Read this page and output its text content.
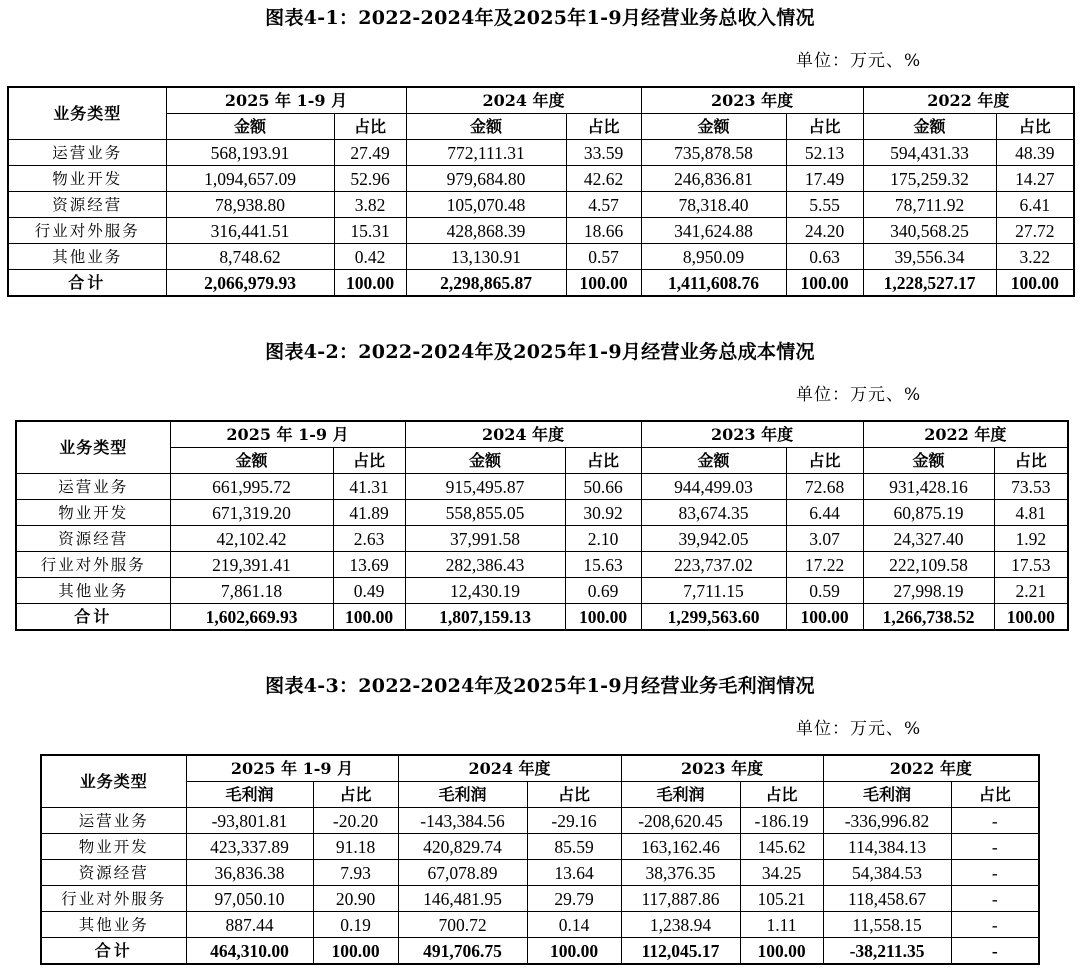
图表4-1：2022-2024年及2025年1-9月经营业务总收入情况
单位：万元、%
业务类型	2025 年 1-9 月		2024 年度		2023 年度		2022 年度	
	金额	占比	金额	占比	金额	占比	金额	占比
运营业务	568,193.91	27.49	772,111.31	33.59	735,878.58	52.13	594,431.33	48.39
物业开发	1,094,657.09	52.96	979,684.80	42.62	246,836.81	17.49	175,259.32	14.27
资源经营	78,938.80	3.82	105,070.48	4.57	78,318.40	5.55	78,711.92	6.41
行业对外服务	316,441.51	15.31	428,868.39	18.66	341,624.88	24.20	340,568.25	27.72
其他业务	8,748.62	0.42	13,130.91	0.57	8,950.09	0.63	39,556.34	3.22
合计	2,066,979.93	100.00	2,298,865.87	100.00	1,411,608.76	100.00	1,228,527.17	100.00
图表4-2：2022-2024年及2025年1-9月经营业务总成本情况
单位：万元、%
业务类型	2025 年 1-9 月		2024 年度		2023 年度		2022 年度	
	金额	占比	金额	占比	金额	占比	金额	占比
运营业务	661,995.72	41.31	915,495.87	50.66	944,499.03	72.68	931,428.16	73.53
物业开发	671,319.20	41.89	558,855.05	30.92	83,674.35	6.44	60,875.19	4.81
资源经营	42,102.42	2.63	37,991.58	2.10	39,942.05	3.07	24,327.40	1.92
行业对外服务	219,391.41	13.69	282,386.43	15.63	223,737.02	17.22	222,109.58	17.53
其他业务	7,861.18	0.49	12,430.19	0.69	7,711.15	0.59	27,998.19	2.21
合计	1,602,669.93	100.00	1,807,159.13	100.00	1,299,563.60	100.00	1,266,738.52	100.00
图表4-3：2022-2024年及2025年1-9月经营业务毛利润情况
单位：万元、%
业务类型	2025 年 1-9 月		2024 年度		2023 年度		2022 年度	
	毛利润	占比	毛利润	占比	毛利润	占比	毛利润	占比
运营业务	-93,801.81	-20.20	-143,384.56	-29.16	-208,620.45	-186.19	-336,996.82	-
物业开发	423,337.89	91.18	420,829.74	85.59	163,162.46	145.62	114,384.13	-
资源经营	36,836.38	7.93	67,078.89	13.64	38,376.35	34.25	54,384.53	-
行业对外服务	97,050.10	20.90	146,481.95	29.79	117,887.86	105.21	118,458.67	-
其他业务	887.44	0.19	700.72	0.14	1,238.94	1.11	11,558.15	-
合计	464,310.00	100.00	491,706.75	100.00	112,045.17	100.00	-38,211.35	-
